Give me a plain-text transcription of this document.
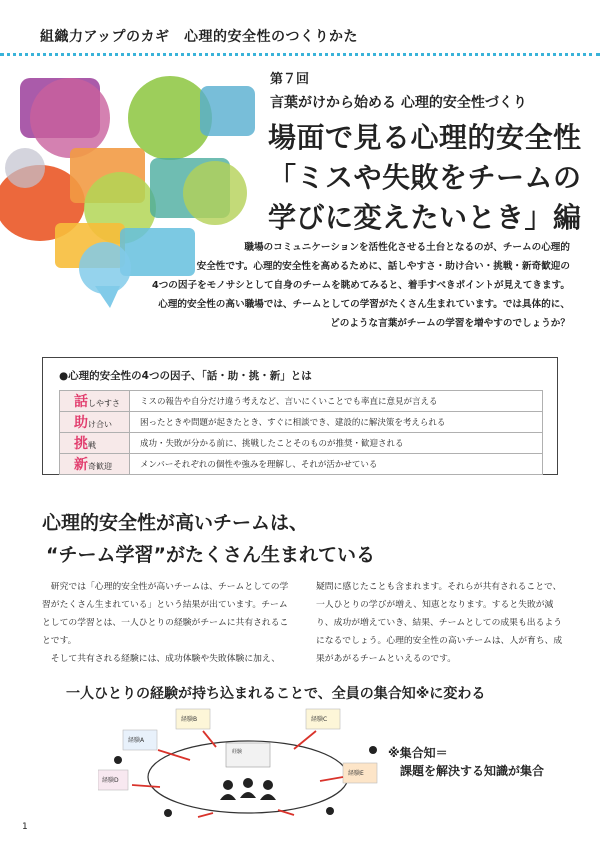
組織力アップのカギ　心理的安全性のつくりかた
第７回
言葉がけから始める 心理的安全性づくり
場面で見る心理的安全性
「ミスや失敗をチームの
学びに変えたいとき」編
職場のコミュニケーションを活性化させる土台となるのが、チームの心理的
安全性です。心理的安全性を高めるために、話しやすさ・助け合い・挑戦・新奇歓迎の
4つの因子をモノサシとして自身のチームを眺めてみると、着手すべきポイントが見えてきます。
心理的安全性の高い職場では、チームとしての学習がたくさん生まれています。では具体的に、
どのような言葉がチームの学習を増やすのでしょうか？
●心理的安全性の4つの因子、「話・助・挑・新」とは
話しやすさ	ミスの報告や自分だけ違う考えなど、言いにくいことでも率直に意見が言える
助け合い	困ったときや問題が起きたとき、すぐに相談でき、建設的に解決策を考えられる
挑戦	成功・失敗が分かる前に、挑戦したことそのものが推奨・歓迎される
新奇歓迎	メンバーそれぞれの個性や強みを理解し、それが活かせている
心理的安全性が高いチームは、
“チーム学習”がたくさん生まれている

研究では「心理的安全性が高いチームは、チームとしての学習がたくさん生まれている」という結果が出ています。チームとしての学習とは、一人ひとりの経験がチームに共有されることです。

そして共有される経験には、成功体験や失敗体験に加え、

疑問に感じたことも含まれます。それらが共有されることで、一人ひとりの学びが増え、知恵となります。すると失敗が減り、成功が増えていき、結果、チームとしての成果も出るようになるでしょう。心理的安全性の高いチームは、人が育ち、成果があがるチームといえるのです。
一人ひとりの経験が持ち込まれることで、全員の集合知※に変わる
経験A
経験B	経験C
経験D
経験E
経験	※集合知＝
課題を解決する知識が集合
1
